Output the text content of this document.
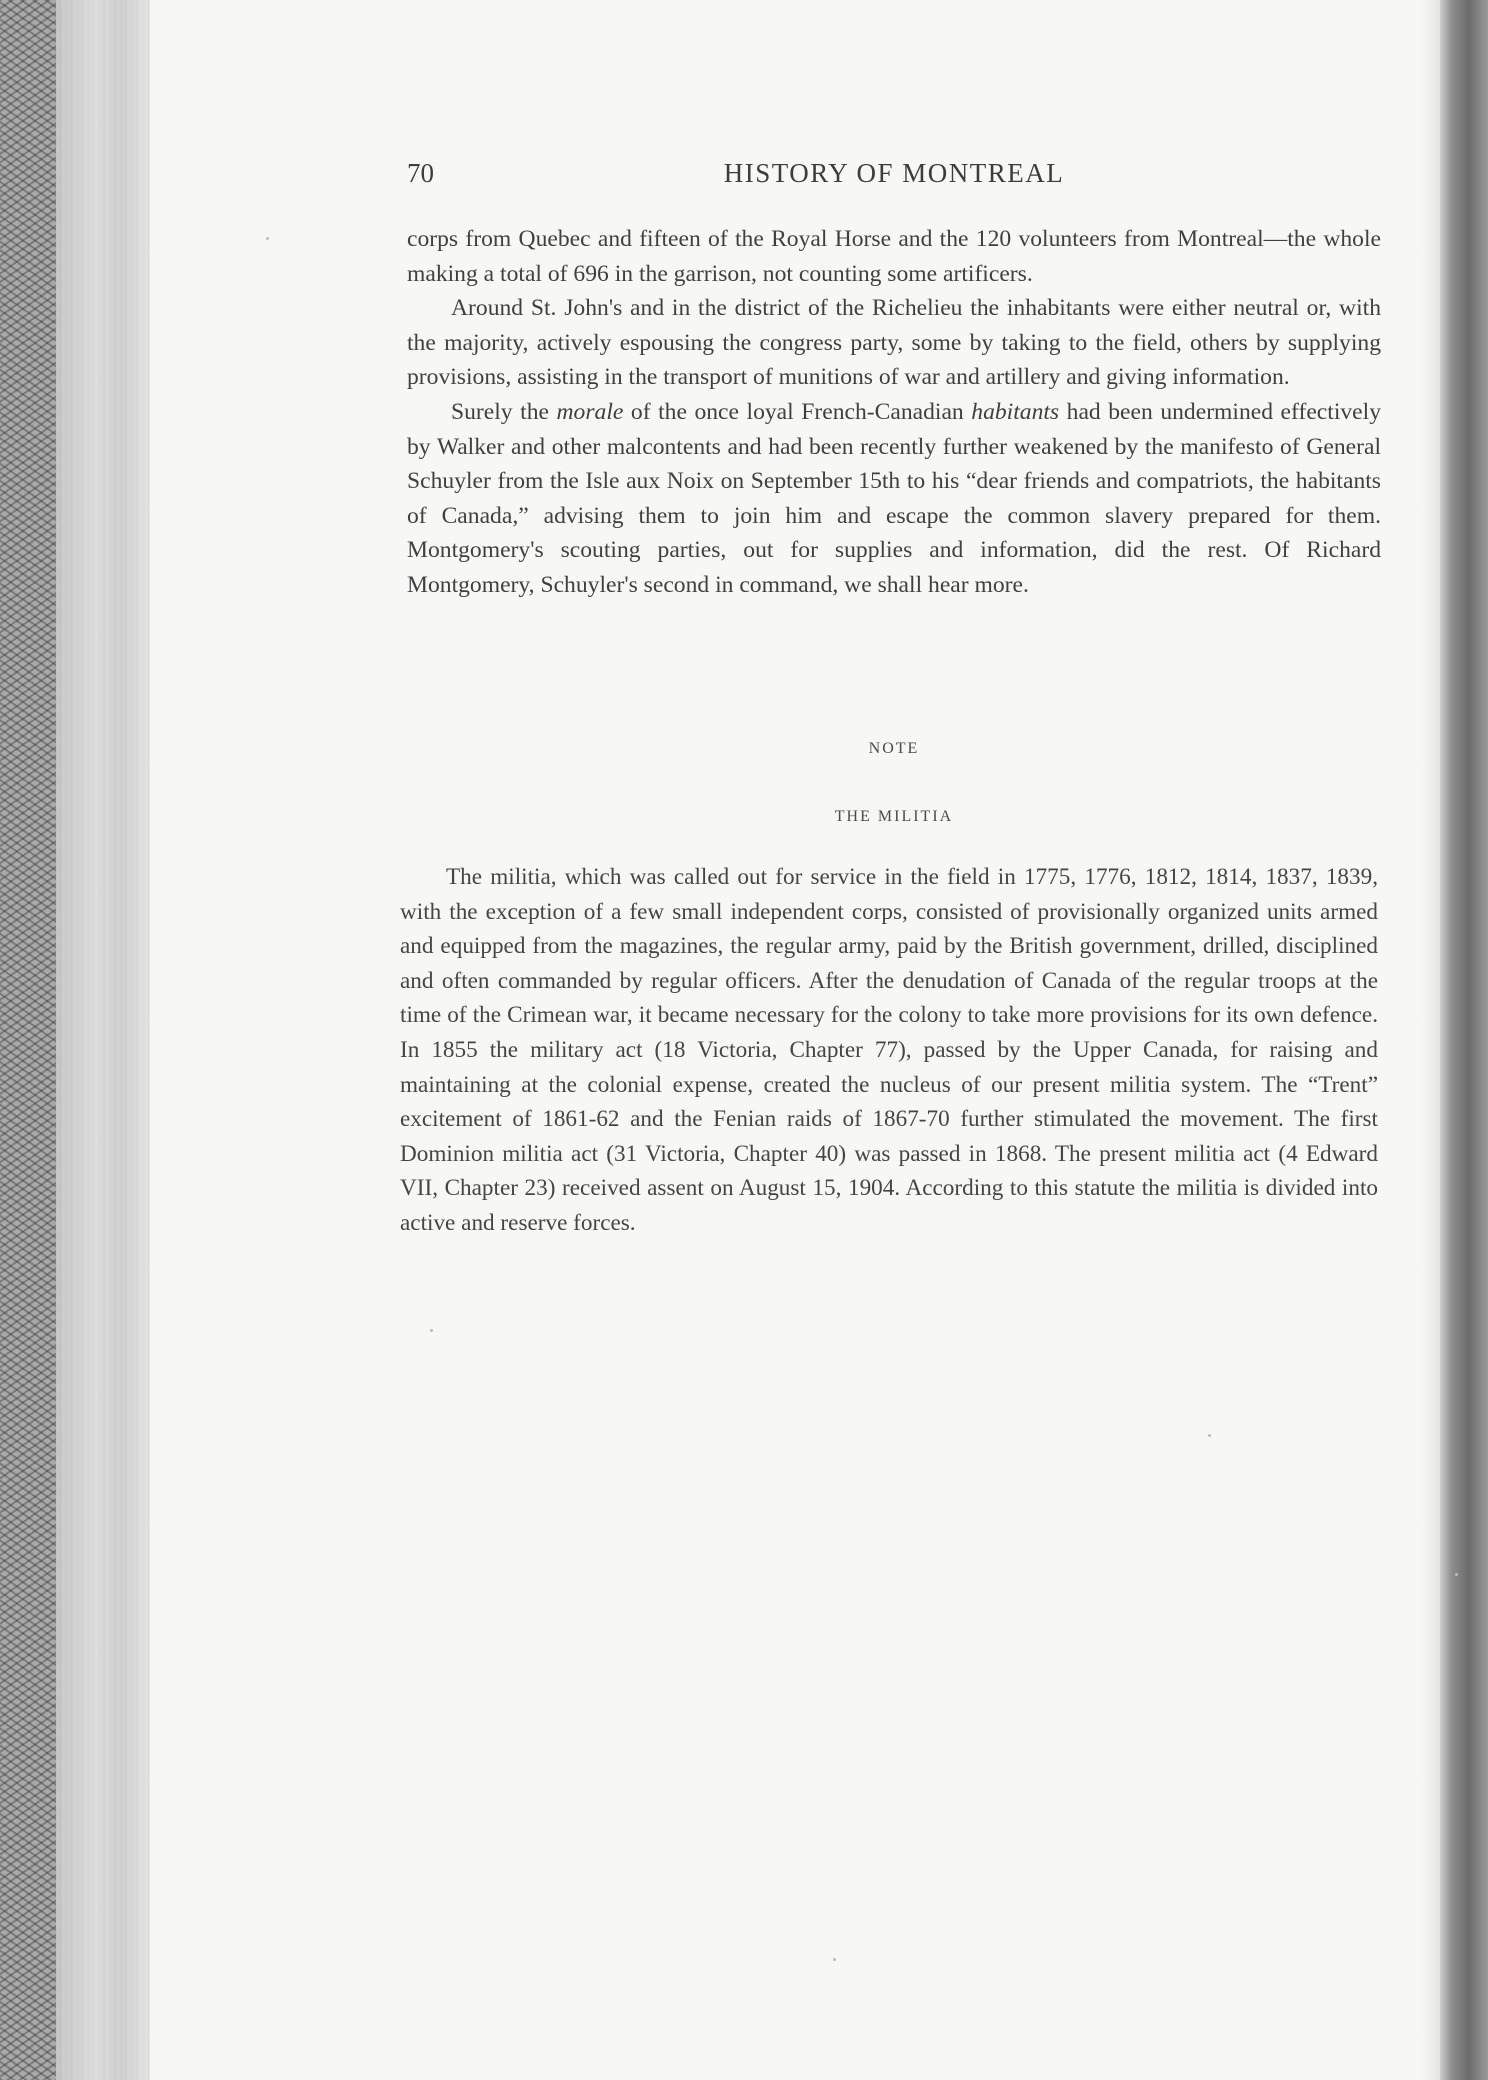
70	HISTORY OF MONTREAL

corps from Quebec and fifteen of the Royal Horse and the 120 volunteers from Montreal—the whole making a total of 696 in the garrison, not counting some artificers.

Around St. John's and in the district of the Richelieu the inhabitants were either neutral or, with the majority, actively espousing the congress party, some by taking to the field, others by supplying provisions, assisting in the transport of munitions of war and artillery and giving information.

Surely the morale of the once loyal French-Canadian habitants had been undermined effectively by Walker and other malcontents and had been recently further weakened by the manifesto of General Schuyler from the Isle aux Noix on September 15th to his “dear friends and compatriots, the habitants of Canada,” advising them to join him and escape the common slavery prepared for them. Montgomery's scouting parties, out for supplies and information, did the rest. Of Richard Montgomery, Schuyler's second in command, we shall hear more.

NOTE
THE MILITIA

The militia, which was called out for service in the field in 1775, 1776, 1812, 1814, 1837, 1839, with the exception of a few small independent corps, consisted of provisionally organized units armed and equipped from the magazines, the regular army, paid by the British government, drilled, disciplined and often commanded by regular officers. After the denudation of Canada of the regular troops at the time of the Crimean war, it became necessary for the colony to take more provisions for its own defence. In 1855 the military act (18 Victoria, Chapter 77), passed by the Upper Canada, for raising and maintaining at the colonial expense, created the nucleus of our present militia system. The “Trent” excitement of 1861-62 and the Fenian raids of 1867-70 further stimulated the movement. The first Dominion militia act (31 Victoria, Chapter 40) was passed in 1868. The present militia act (4 Edward VII, Chapter 23) received assent on August 15, 1904. According to this statute the militia is divided into active and reserve forces.
